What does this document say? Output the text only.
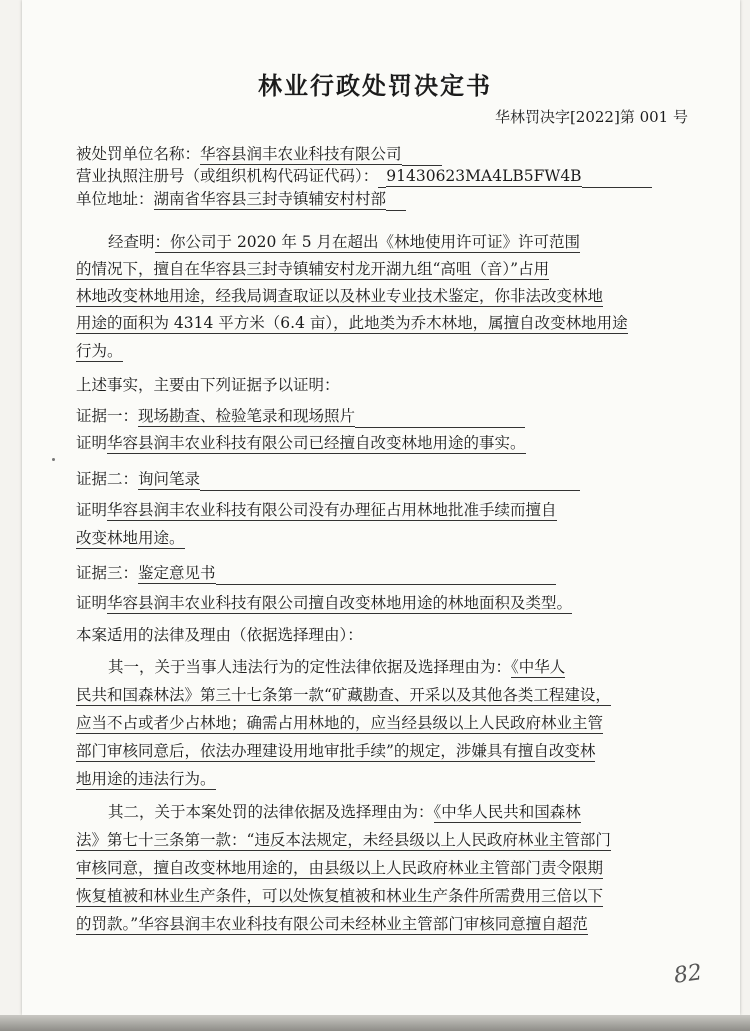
林业行政处罚决定书
华林罚决字[2022]第 001 号
被处罚单位名称：华容县润丰农业科技有限公司
营业执照注册号（或组织机构代码证代码）： 91430623MA4LB5FW4B
单位地址：湖南省华容县三封寺镇辅安村村部
经查明：你公司于 2020 年 5 月在超出《林地使用许可证》许可范围
的情况下，擅自在华容县三封寺镇辅安村龙开湖九组“高咀（音）”占用
林地改变林地用途，经我局调查取证以及林业专业技术鉴定，你非法改变林地
用途的面积为 4314 平方米（6.4 亩），此地类为乔木林地，属擅自改变林地用途
行为。
上述事实，主要由下列证据予以证明：
证据一：现场勘查、检验笔录和现场照片
证明华容县润丰农业科技有限公司已经擅自改变林地用途的事实。
证据二：询问笔录
证明华容县润丰农业科技有限公司没有办理征占用林地批准手续而擅自
改变林地用途。
证据三：鉴定意见书
证明华容县润丰农业科技有限公司擅自改变林地用途的林地面积及类型。
本案适用的法律及理由（依据选择理由）：
其一，关于当事人违法行为的定性法律依据及选择理由为：《中华人
民共和国森林法》第三十七条第一款“矿藏勘查、开采以及其他各类工程建设，
应当不占或者少占林地；确需占用林地的，应当经县级以上人民政府林业主管
部门审核同意后，依法办理建设用地审批手续”的规定，涉嫌具有擅自改变林
地用途的违法行为。
其二，关于本案处罚的法律依据及选择理由为：《中华人民共和国森林
法》第七十三条第一款：“违反本法规定，未经县级以上人民政府林业主管部门
审核同意，擅自改变林地用途的，由县级以上人民政府林业主管部门责令限期
恢复植被和林业生产条件，可以处恢复植被和林业生产条件所需费用三倍以下
的罚款。”华容县润丰农业科技有限公司未经林业主管部门审核同意擅自超范
82
